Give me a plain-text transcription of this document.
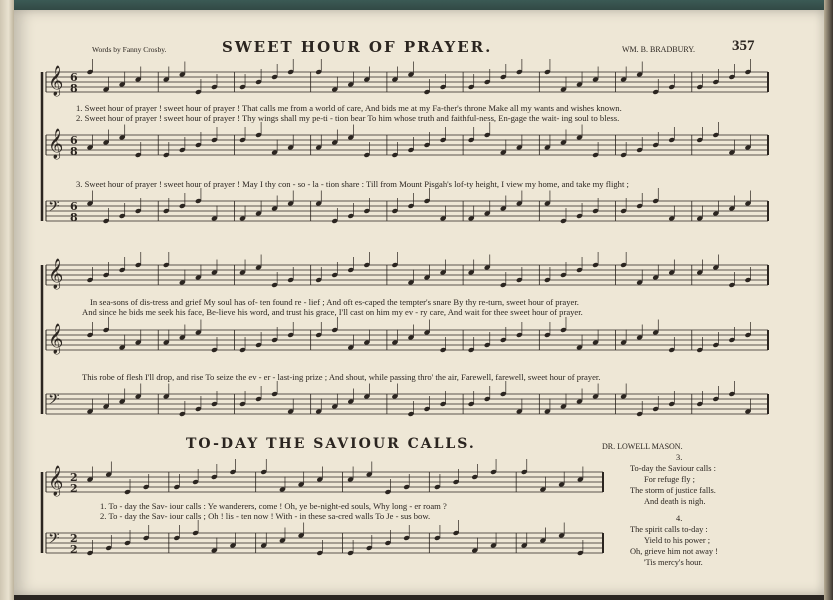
𝄞 6
8
𝄞 6
8
𝄢 6
8
𝄞
𝄞
𝄢
𝄞 2
2
𝄢 2
2
Words by Fanny Crosby.	SWEET HOUR OF PRAYER.	WM. B. BRADBURY. 357
1. Sweet hour of prayer ! sweet hour of prayer ! That calls me from a world of care, And bids me at my Fa-ther's throne Make all my wants and wishes known.
2. Sweet hour of prayer ! sweet hour of prayer ! Thy wings shall my pe-ti - tion bear To him whose truth and faithful-ness, En-gage the wait- ing soul to bless.
3. Sweet hour of prayer ! sweet hour of prayer ! May I thy con - so - la - tion share : Till from Mount Pisgah's lof-ty height, I view my home, and take my flight ;
In sea-sons of dis-tress and grief My soul has of- ten found re - lief ; And oft es-caped the tempter's snare By thy re-turn, sweet hour of prayer.
And since he bids me seek his face, Be-lieve his word, and trust his grace, I'll cast on him my ev - ry care, And wait for thee sweet hour of prayer.
This robe of flesh I'll drop, and rise To seize the ev - er - last-ing prize ; And shout, while passing thro' the air, Farewell, farewell, sweet hour of prayer.
TO-DAY THE SAVIOUR CALLS.	DR. LOWELL MASON.
1. To - day the Sav- iour calls : Ye wanderers, come ! Oh, ye be-night-ed souls, Why long - er roam ?
2. To - day the Sav- iour calls ; Oh ! lis - ten now ! With - in these sa-cred walls To Je - sus bow.
3.
To-day the Saviour calls :
For refuge fly ;
The storm of justice falls.
And death is nigh.
4.
The spirit calls to-day :
Yield to his power ;
Oh, grieve him not away !
'Tis mercy's hour.
